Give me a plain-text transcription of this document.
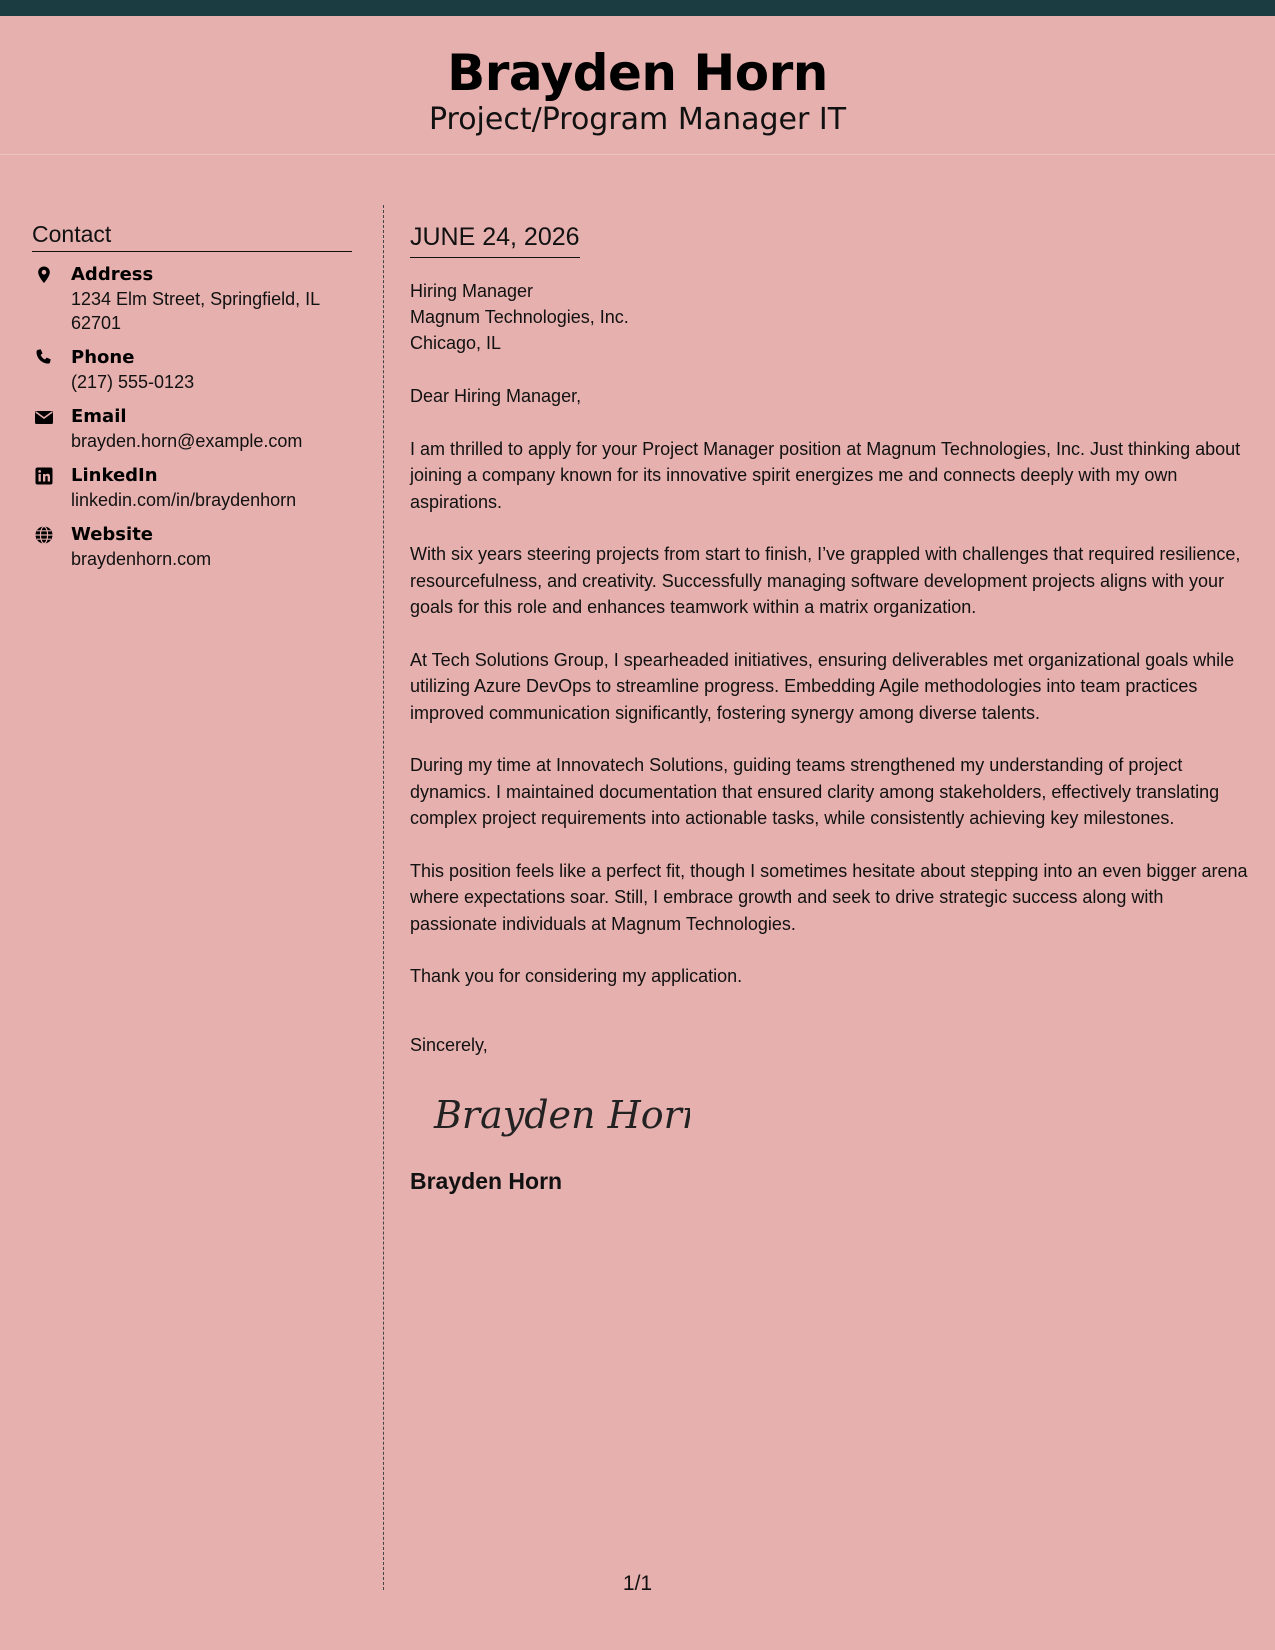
Brayden Horn
Project/Program Manager IT
Contact
Address
1234 Elm Street, Springfield, IL 62701
Phone
(217) 555-0123
Email
brayden.horn@example.com
LinkedIn
linkedin.com/in/braydenhorn
Website
braydenhorn.com
JUNE 24, 2026
Hiring Manager
Magnum Technologies, Inc.
Chicago, IL
Dear Hiring Manager,
I am thrilled to apply for your Project Manager position at Magnum Technologies, Inc. Just thinking about joining a company known for its innovative spirit energizes me and connects deeply with my own aspirations.
With six years steering projects from start to finish, I’ve grappled with challenges that required resilience, resourcefulness, and creativity. Successfully managing software development projects aligns with your goals for this role and enhances teamwork within a matrix organization.
At Tech Solutions Group, I spearheaded initiatives, ensuring deliverables met organizational goals while utilizing Azure DevOps to streamline progress. Embedding Agile methodologies into team practices improved communication significantly, fostering synergy among diverse talents.
During my time at Innovatech Solutions, guiding teams strengthened my understanding of project dynamics. I maintained documentation that ensured clarity among stakeholders, effectively translating complex project requirements into actionable tasks, while consistently achieving key milestones.
This position feels like a perfect fit, though I sometimes hesitate about stepping into an even bigger arena where expectations soar. Still, I embrace growth and seek to drive strategic success along with passionate individuals at Magnum Technologies.
Thank you for considering my application.
Sincerely,
Brayden Horn
Brayden Horn
1/1
